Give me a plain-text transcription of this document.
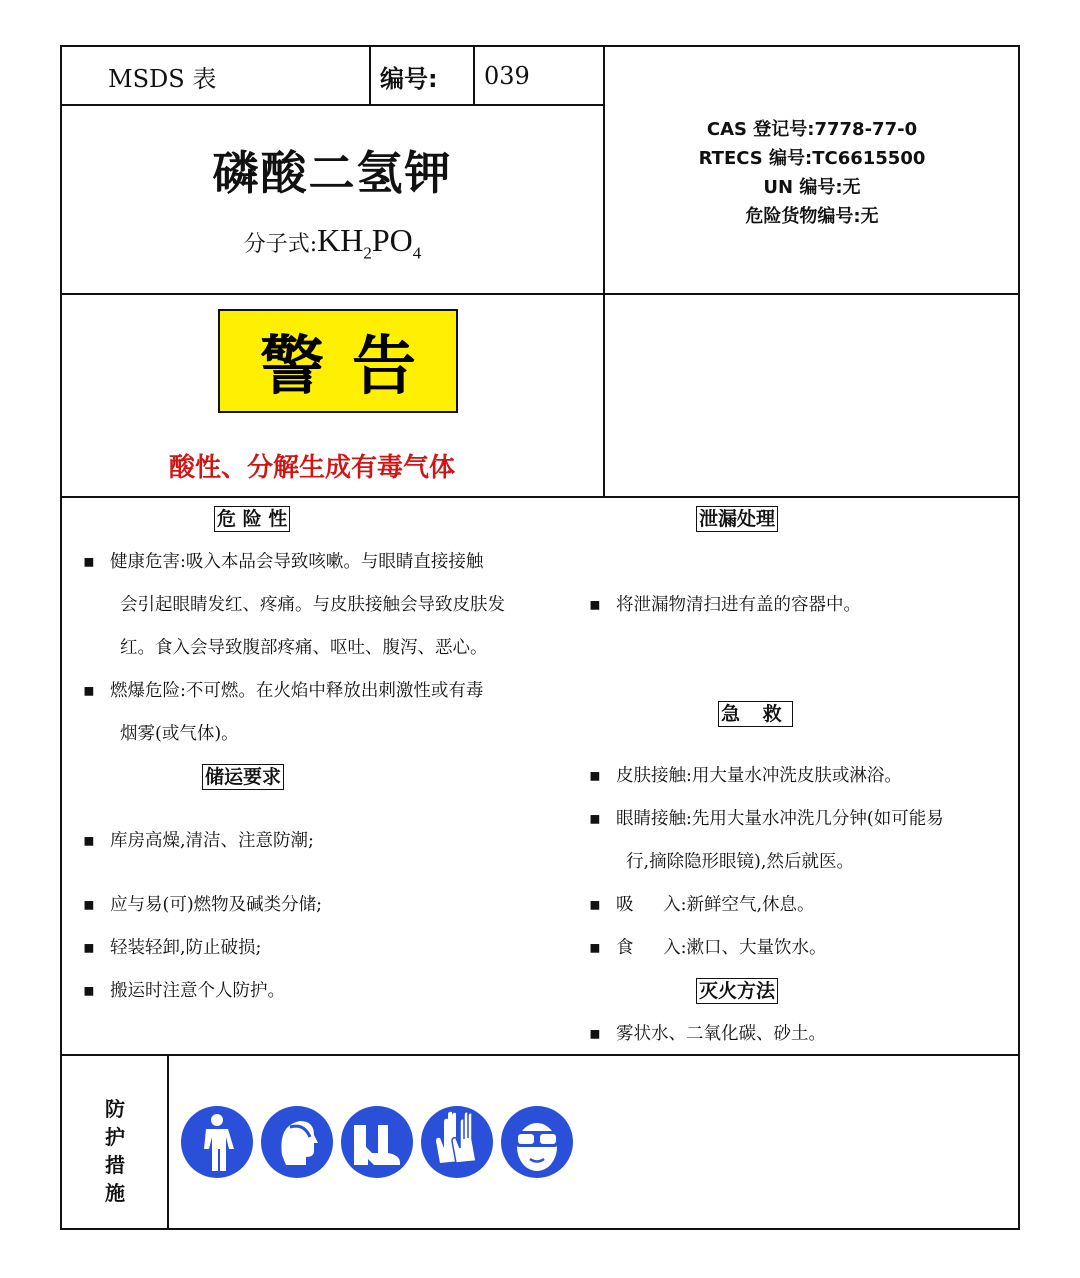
MSDS 表	编号: 039
磷酸二氢钾
分子式$:KH_2PO_4$
CAS 登记号:7778-77-0
RTECS 编号:TC6615500
UN 编号:无
危险货物编号:无
警告
酸性、分解生成有毒气体
危 险 性
▪ 健康危害:吸入本品会导致咳嗽。与眼睛直接接触
会引起眼睛发红、疼痛。与皮肤接触会导致皮肤发
红。食入会导致腹部疼痛、呕吐、腹泻、恶心。
▪ 燃爆危险:不可燃。在火焰中释放出刺激性或有毒
烟雾(或气体)。
储运要求
▪ 库房高燥,清洁、注意防潮;
▪ 应与易(可)燃物及碱类分储;
▪ 轻装轻卸,防止破损;
▪ 搬运时注意个人防护。
泄漏处理
▪ 将泄漏物清扫进有盖的容器中。
急 救
▪ 皮肤接触:用大量水冲洗皮肤或淋浴。
▪ 眼睛接触:先用大量水冲洗几分钟(如可能易
行,摘除隐形眼镜),然后就医。
▪ 吸 入:新鲜空气,休息。
▪ 食 入:漱口、大量饮水。
灭火方法
▪ 雾状水、二氧化碳、砂土。
防
护
措
施
